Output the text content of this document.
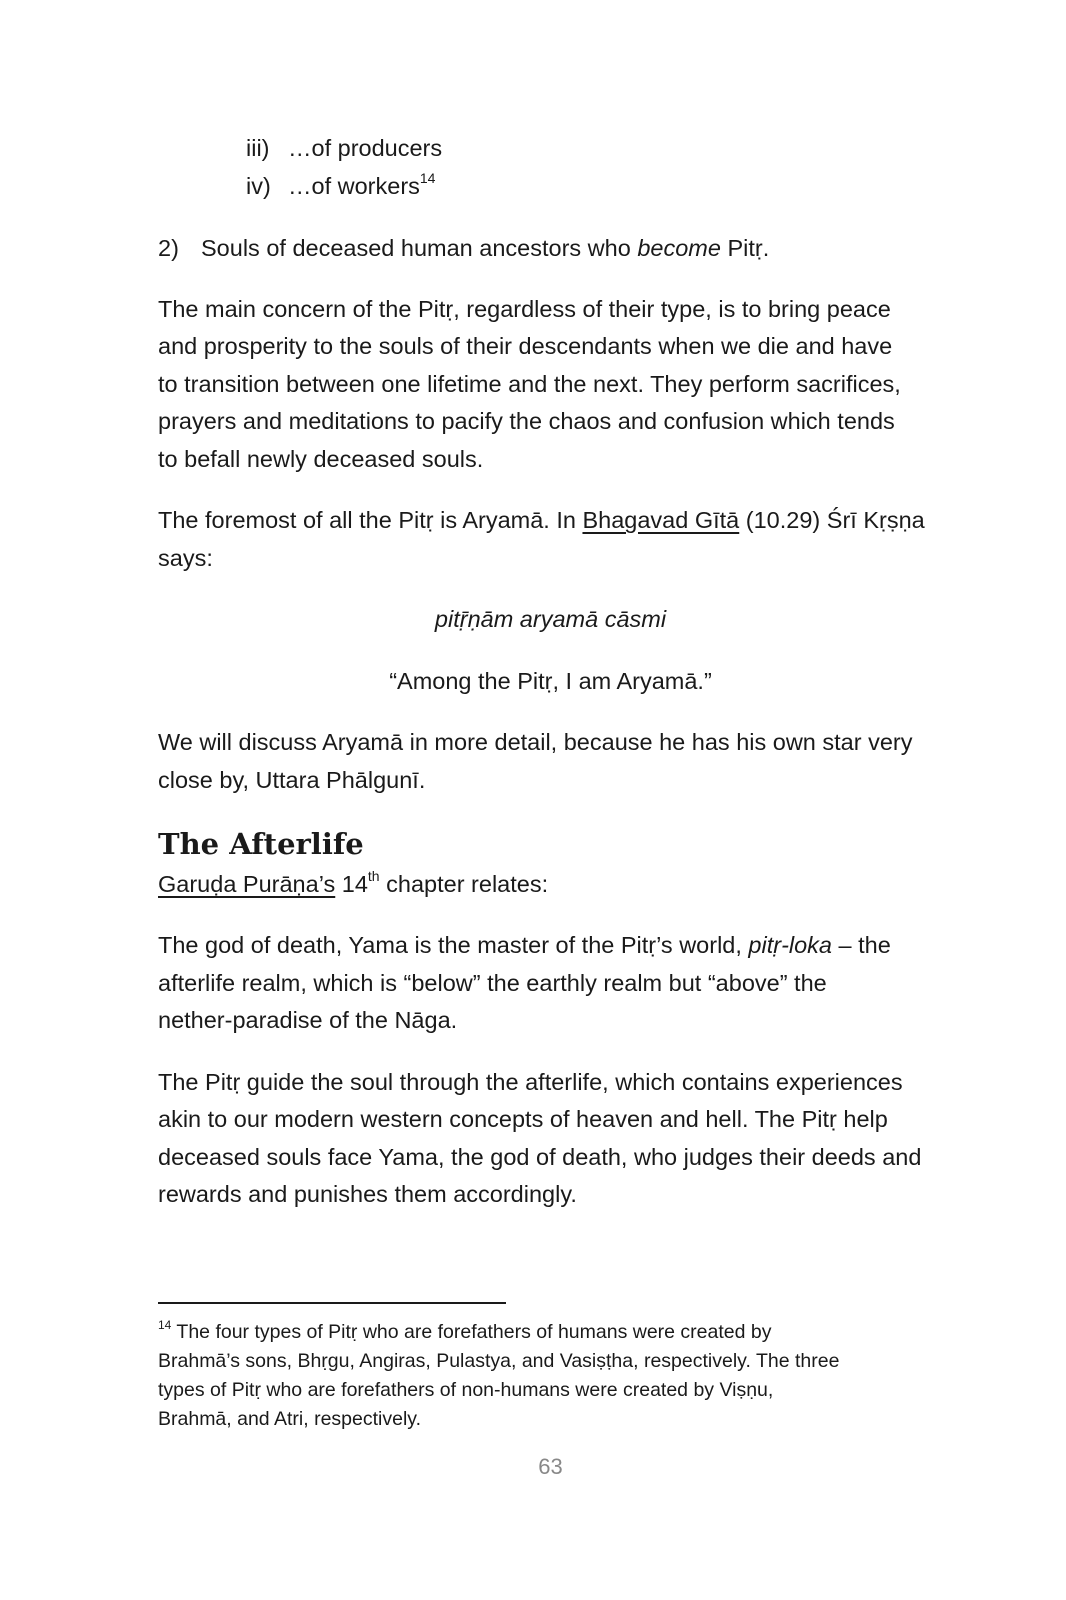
iii) …of producers
iv) …of workers$^{14}$
2) Souls of deceased human ancestors who become Pitṛ.
The main concern of the Pitṛ, regardless of their type, is to bring peace
and prosperity to the souls of their descendants when we die and have
to transition between one lifetime and the next. They perform sacrifices,
prayers and meditations to pacify the chaos and confusion which tends
to befall newly deceased souls.
The foremost of all the Pitṛ is Aryamā. In Bhagavad Gītā (10.29) Śrī Kṛṣṇa
says:
pitṝṇām aryamā cāsmi
“Among the Pitṛ, I am Aryamā.”
We will discuss Aryamā in more detail, because he has his own star very
close by, Uttara Phālgunī.
The Afterlife
Garuḍa Purāṇa’s 14th chapter relates:
The god of death, Yama is the master of the Pitṛ’s world, pitṛ-loka – the
afterlife realm, which is “below” the earthly realm but “above” the
nether-paradise of the Nāga.
The Pitṛ guide the soul through the afterlife, which contains experiences
akin to our modern western concepts of heaven and hell. The Pitṛ help
deceased souls face Yama, the god of death, who judges their deeds and
rewards and punishes them accordingly.
$^{14}$ The four types of Pitṛ who are forefathers of humans were created by
Brahmā’s sons, Bhṛgu, Angiras, Pulastya, and Vasiṣṭha, respectively. The three
types of Pitṛ who are forefathers of non-humans were created by Viṣṇu,
Brahmā, and Atri, respectively.
63
